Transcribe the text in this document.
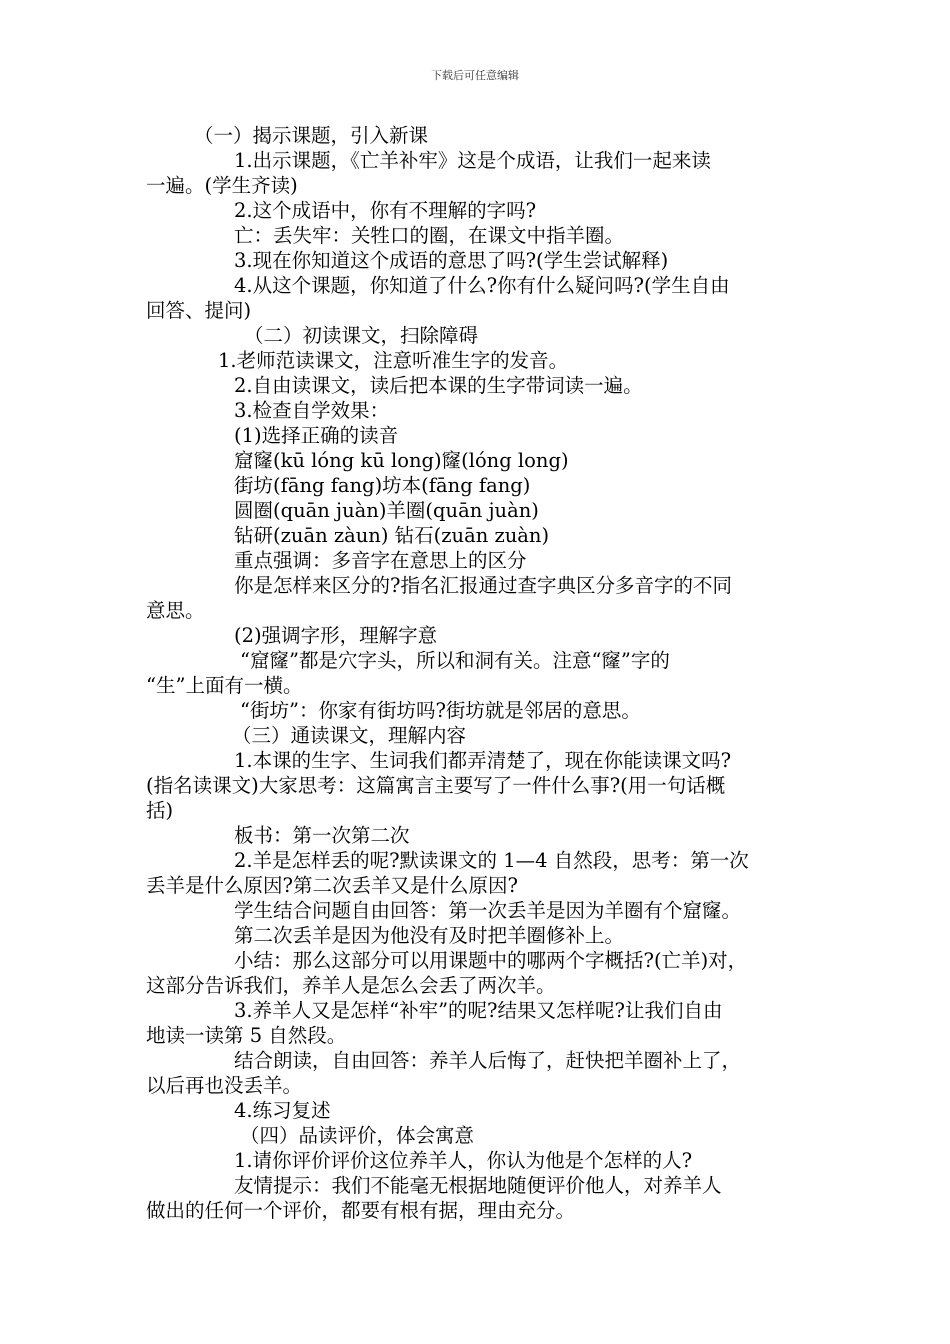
下载后可任意编辑

（一）揭示课题，引入新课

1.出示课题，《亡羊补牢》这是个成语，让我们一起来读

一遍。(学生齐读)

2.这个成语中，你有不理解的字吗?

亡：丢失牢：关牲口的圈，在课文中指羊圈。

3.现在你知道这个成语的意思了吗?(学生尝试解释)

4.从这个课题，你知道了什么?你有什么疑问吗?(学生自由

回答、提问)

（二）初读课文，扫除障碍

1.老师范读课文，注意听准生字的发音。

2.自由读课文，读后把本课的生字带词读一遍。

3.检查自学效果：

(1)选择正确的读音

窟窿(kū lóng kū long)窿(lóng long)

街坊(fāng fang)坊本(fāng fang)

圆圈(quān juàn)羊圈(quān juàn)

钻研(zuān zàun) 钻石(zuān zuàn)

重点强调：多音字在意思上的区分

你是怎样来区分的?指名汇报通过查字典区分多音字的不同

意思。

(2)强调字形，理解字意

“窟窿”都是穴字头，所以和洞有关。注意“窿”字的

“生”上面有一横。

“街坊”：你家有街坊吗?街坊就是邻居的意思。

（三）通读课文，理解内容

1.本课的生字、生词我们都弄清楚了，现在你能读课文吗?

(指名读课文)大家思考：这篇寓言主要写了一件什么事?(用一句话概

括)

板书：第一次第二次

2.羊是怎样丢的呢?默读课文的 1—4 自然段，思考：第一次

丢羊是什么原因?第二次丢羊又是什么原因?

学生结合问题自由回答：第一次丢羊是因为羊圈有个窟窿。

第二次丢羊是因为他没有及时把羊圈修补上。

小结：那么这部分可以用课题中的哪两个字概括?(亡羊)对，

这部分告诉我们，养羊人是怎么会丢了两次羊。

3.养羊人又是怎样“补牢”的呢?结果又怎样呢?让我们自由

地读一读第 5 自然段。

结合朗读，自由回答：养羊人后悔了，赶快把羊圈补上了，

以后再也没丢羊。

4.练习复述

（四）品读评价，体会寓意

1.请你评价评价这位养羊人，你认为他是个怎样的人?

友情提示：我们不能毫无根据地随便评价他人，对养羊人

做出的任何一个评价，都要有根有据，理由充分。
